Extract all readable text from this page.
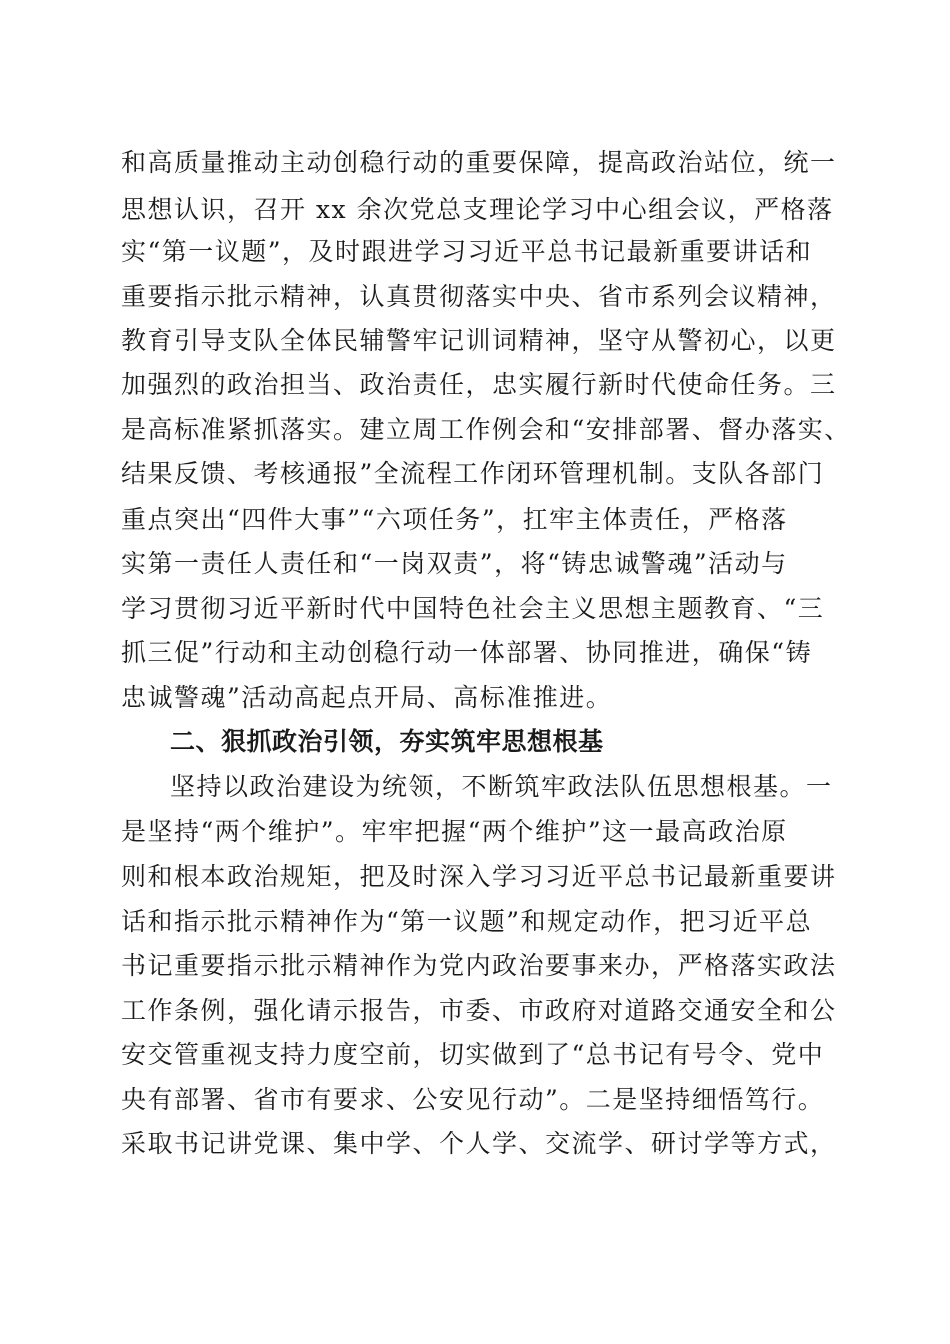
和高质量推动主动创稳行动的重要保障，提高政治站位，统一
思想认识，召开 xx 余次党总支理论学习中心组会议，严格落
实“第一议题”，及时跟进学习习近平总书记最新重要讲话和
重要指示批示精神，认真贯彻落实中央、省市系列会议精神，
教育引导支队全体民辅警牢记训词精神，坚守从警初心，以更
加强烈的政治担当、政治责任，忠实履行新时代使命任务。三
是高标准紧抓落实。建立周工作例会和“安排部署、督办落实、
结果反馈、考核通报”全流程工作闭环管理机制。支队各部门
重点突出“四件大事”“六项任务”，扛牢主体责任，严格落
实第一责任人责任和“一岗双责”，将“铸忠诚警魂”活动与
学习贯彻习近平新时代中国特色社会主义思想主题教育、“三
抓三促”行动和主动创稳行动一体部署、协同推进，确保“铸
忠诚警魂”活动高起点开局、高标准推进。
二、狠抓政治引领，夯实筑牢思想根基
坚持以政治建设为统领，不断筑牢政法队伍思想根基。一
是坚持“两个维护”。牢牢把握“两个维护”这一最高政治原
则和根本政治规矩，把及时深入学习习近平总书记最新重要讲
话和指示批示精神作为“第一议题”和规定动作，把习近平总
书记重要指示批示精神作为党内政治要事来办，严格落实政法
工作条例，强化请示报告，市委、市政府对道路交通安全和公
安交管重视支持力度空前，切实做到了“总书记有号令、党中
央有部署、省市有要求、公安见行动”。二是坚持细悟笃行。
采取书记讲党课、集中学、个人学、交流学、研讨学等方式，
